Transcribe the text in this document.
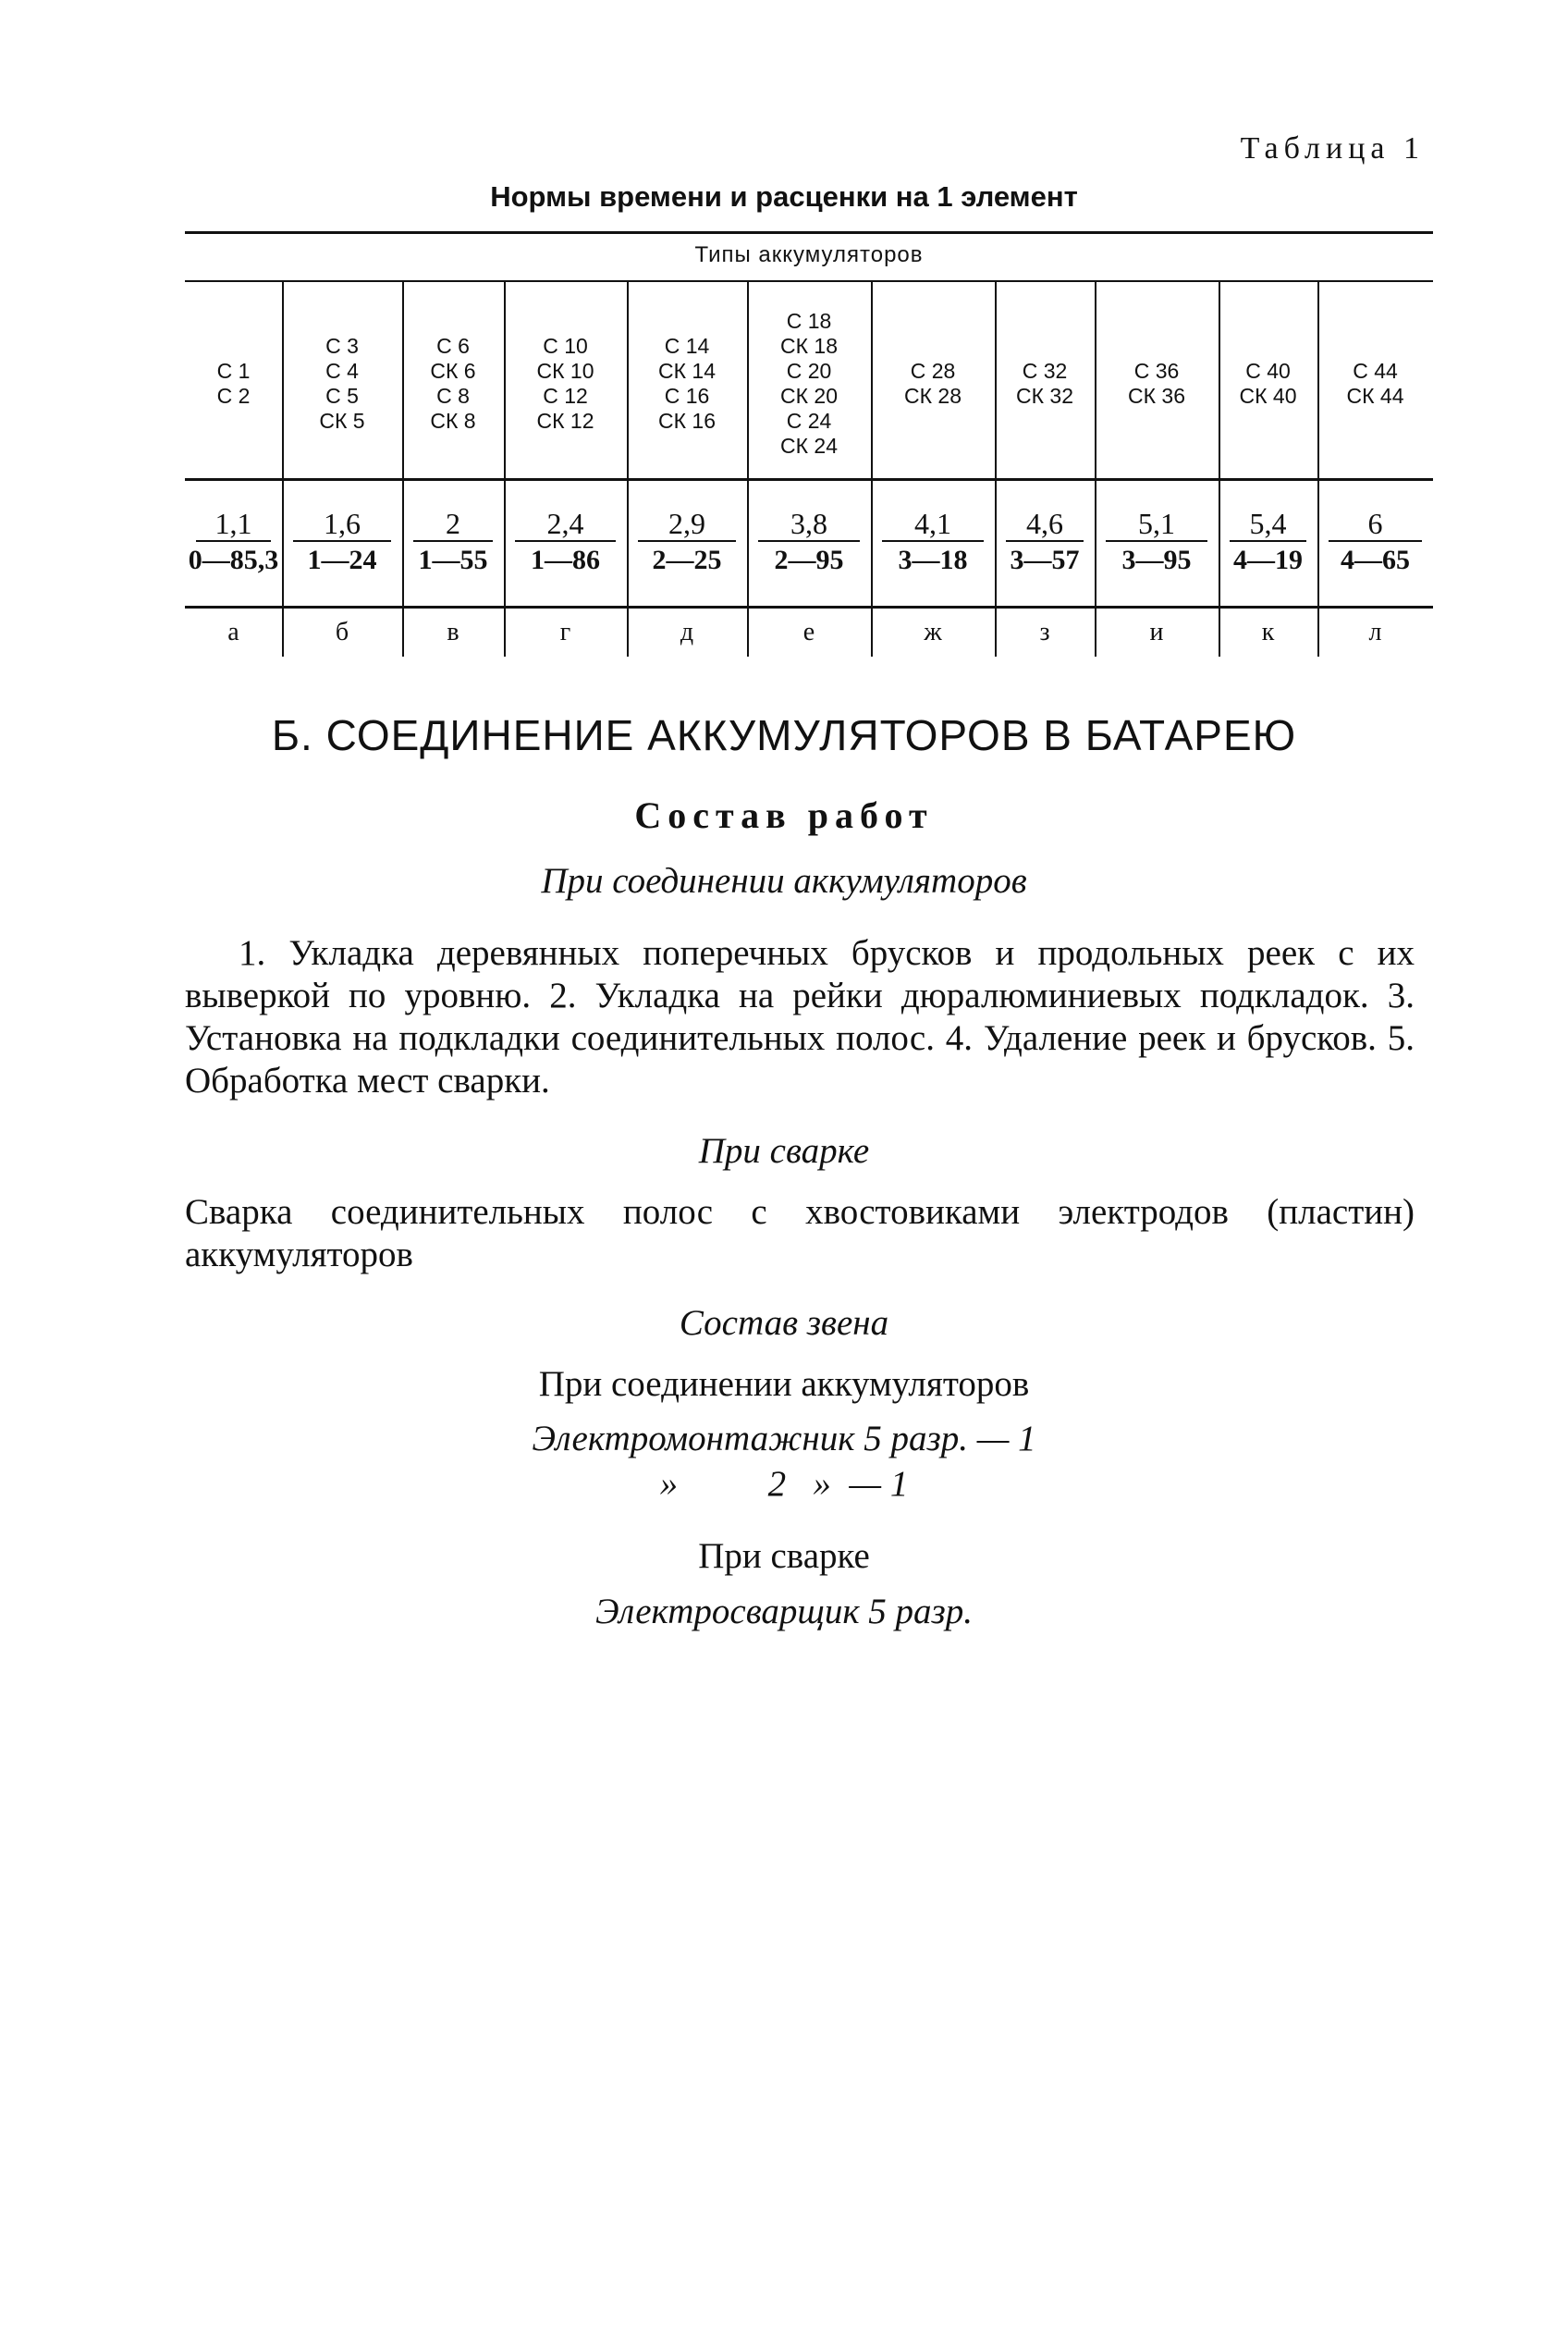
Таблица 1
Нормы времени и расценки на 1 элемент
Типы аккумуляторов
С 1
С 2
1,1
0—85,3
а
С 3
С 4
С 5
СК 5
1,6
1—24
б
С 6
СК 6
С 8
СК 8
2
1—55
в
С 10
СК 10
С 12
СК 12
2,4
1—86
г
С 14
СК 14
С 16
СК 16
2,9
2—25
д
С 18
СК 18
С 20
СК 20
С 24
СК 24
3,8
2—95
е
С 28
СК 28
4,1
3—18
ж
С 32
СК 32
4,6
3—57
з
С 36
СК 36
5,1
3—95
и
С 40
СК 40
5,4
4—19
к
С 44
СК 44
6
4—65
л
Б. СОЕДИНЕНИЕ АККУМУЛЯТОРОВ В БАТАРЕЮ
Состав работ
При соединении аккумуляторов
1. Укладка деревянных поперечных брусков и продольных реек с их выверкой по уровню. 2. Укладка на рейки дюралюминиевых подкладок. 3. Установка на подкладки соединительных полос. 4. Удаление реек и брусков. 5. Обработка мест сварки.
При сварке
Сварка соединительных полос с хвостовиками электродов (пластин) аккумуляторов
Состав звена
При соединении аккумуляторов
Электромонтажник 5 разр. — 1
»          2   »  — 1
При сварке
Электросварщик 5 разр.
